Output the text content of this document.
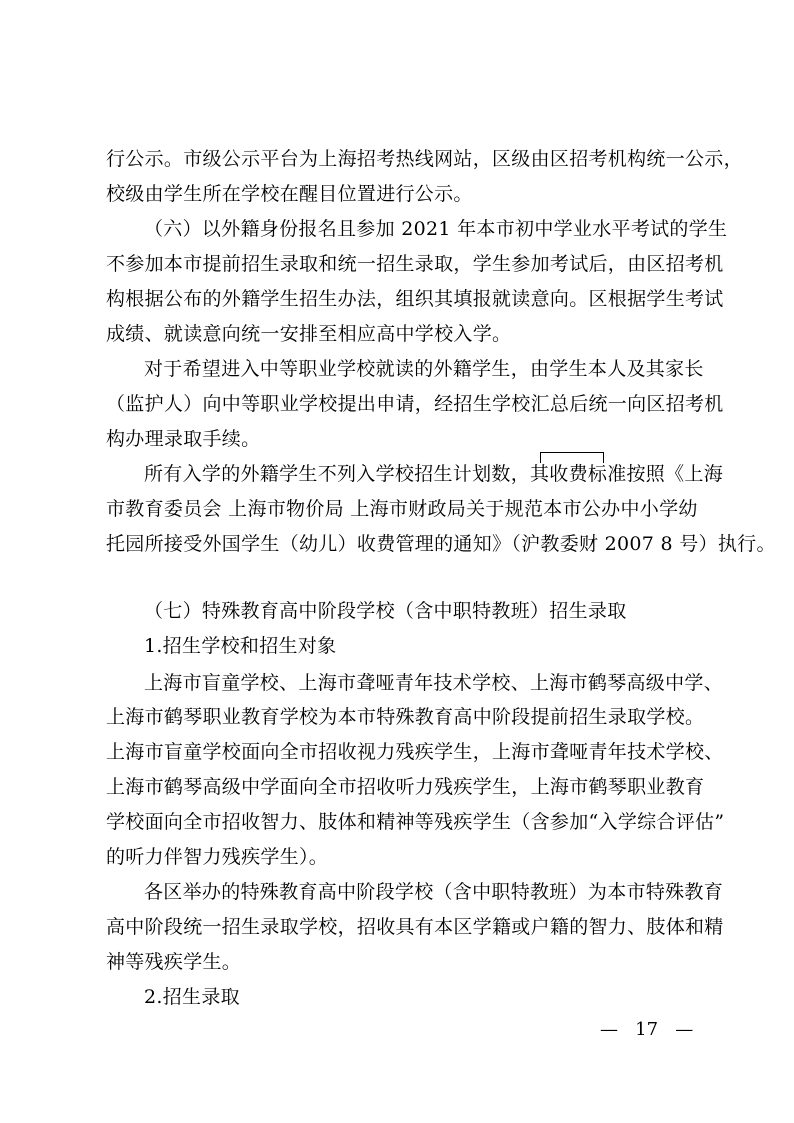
行公示。市级公示平台为上海招考热线网站，区级由区招考机构统一公示，
校级由学生所在学校在醒目位置进行公示。
（六）以外籍身份报名且参加 2021 年本市初中学业水平考试的学生
不参加本市提前招生录取和统一招生录取，学生参加考试后，由区招考机
构根据公布的外籍学生招生办法，组织其填报就读意向。区根据学生考试
成绩、就读意向统一安排至相应高中学校入学。
对于希望进入中等职业学校就读的外籍学生，由学生本人及其家长
（监护人）向中等职业学校提出申请，经招生学校汇总后统一向区招考机
构办理录取手续。
所有入学的外籍学生不列入学校招生计划数，其收费标准按照《上海
市教育委员会 上海市物价局 上海市财政局关于规范本市公办中小学幼
托园所接受外国学生（幼儿）收费管理的通知》（沪教委财 2007 8 号）执行。
（七）特殊教育高中阶段学校（含中职特教班）招生录取
1.招生学校和招生对象
上海市盲童学校、上海市聋哑青年技术学校、上海市鹤琴高级中学、
上海市鹤琴职业教育学校为本市特殊教育高中阶段提前招生录取学校。
上海市盲童学校面向全市招收视力残疾学生，上海市聋哑青年技术学校、
上海市鹤琴高级中学面向全市招收听力残疾学生，上海市鹤琴职业教育
学校面向全市招收智力、肢体和精神等残疾学生（含参加“入学综合评估”
的听力伴智力残疾学生）。
各区举办的特殊教育高中阶段学校（含中职特教班）为本市特殊教育
高中阶段统一招生录取学校，招收具有本区学籍或户籍的智力、肢体和精
神等残疾学生。
2.招生录取
—   17   —
